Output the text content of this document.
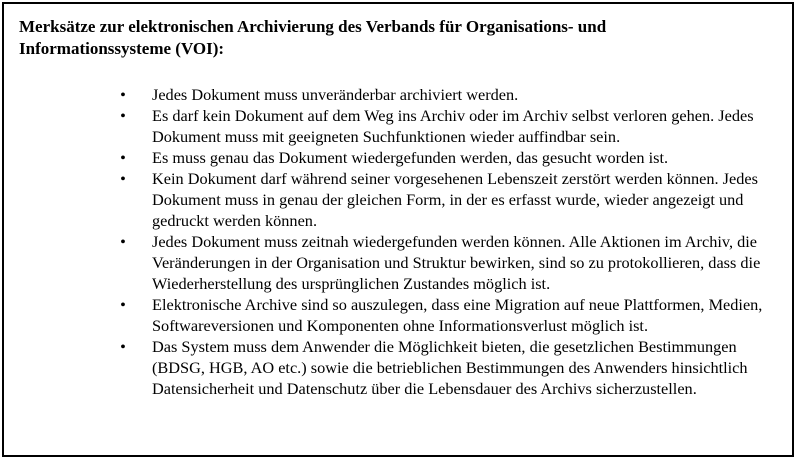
Merksätze zur elektronischen Archivierung des Verbands für Organisations- und Informationssysteme (VOI):
• Jedes Dokument muss unveränderbar archiviert werden.
• Es darf kein Dokument auf dem Weg ins Archiv oder im Archiv selbst verloren gehen. Jedes Dokument muss mit geeigneten Suchfunktionen wieder auffindbar sein.
• Es muss genau das Dokument wiedergefunden werden, das gesucht worden ist.
• Kein Dokument darf während seiner vorgesehenen Lebenszeit zerstört werden können. Jedes Dokument muss in genau der gleichen Form, in der es erfasst wurde, wieder angezeigt und gedruckt werden können.
• Jedes Dokument muss zeitnah wiedergefunden werden können. Alle Aktionen im Archiv, die Veränderungen in der Organisation und Struktur bewirken, sind so zu protokollieren, dass die Wiederherstellung des ursprünglichen Zustandes möglich ist.
• Elektronische Archive sind so auszulegen, dass eine Migration auf neue Plattformen, Medien, Softwareversionen und Komponenten ohne Informationsverlust möglich ist.
• Das System muss dem Anwender die Möglichkeit bieten, die gesetzlichen Bestimmungen (BDSG, HGB, AO etc.) sowie die betrieblichen Bestimmungen des Anwenders hinsichtlich Datensicherheit und Datenschutz über die Lebensdauer des Archivs sicherzustellen.
